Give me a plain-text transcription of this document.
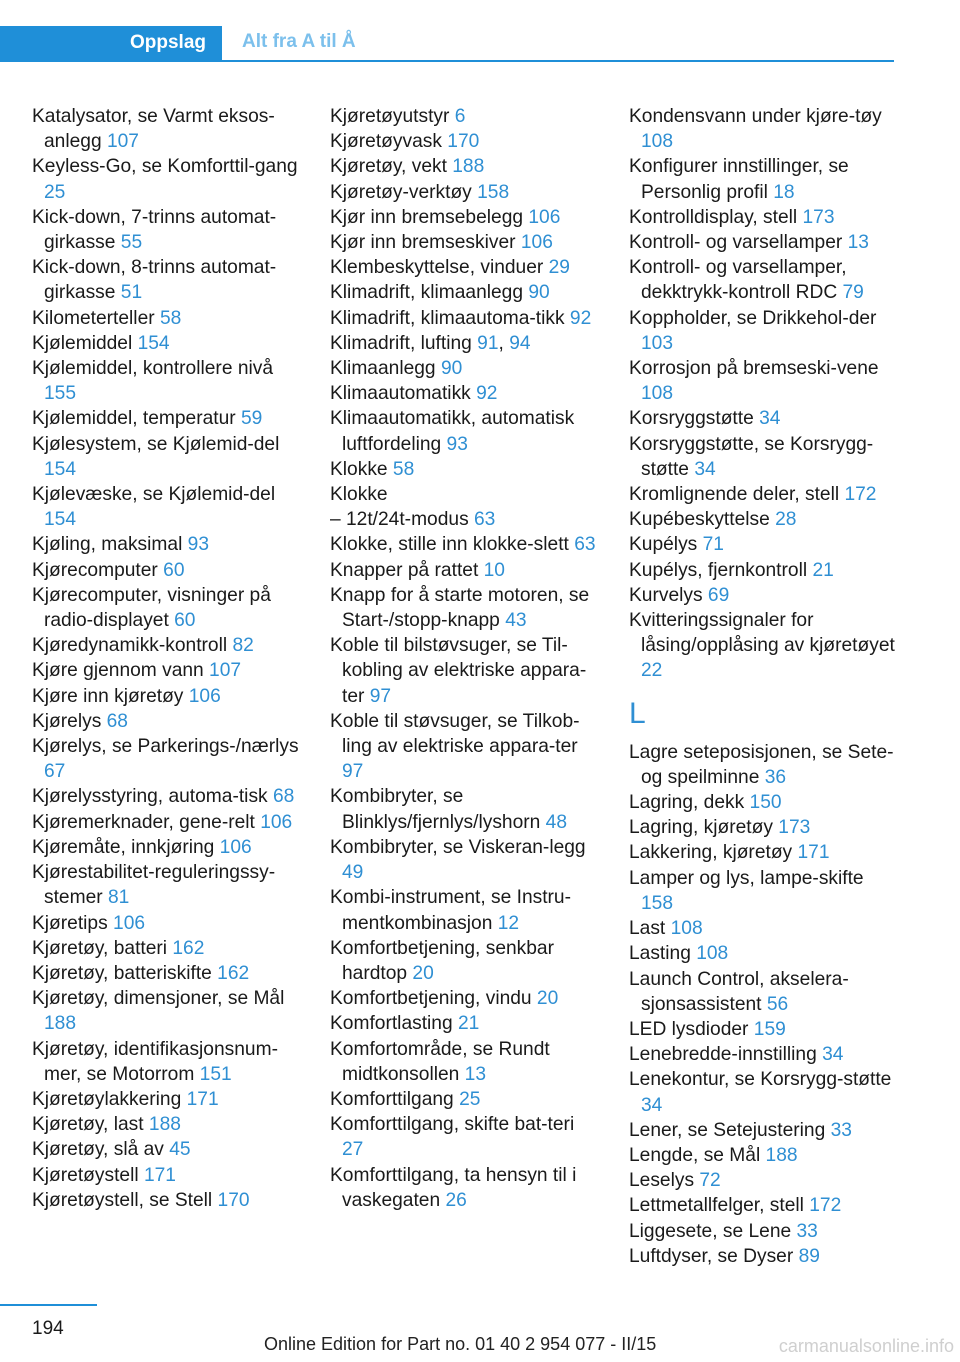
Oppslag Alt fra A til Å
Katalysator, se Varmt eksos-anlegg 107
Keyless-Go, se Komforttil-gang 25
Kick-down, 7-trinns automat-girkasse 55
Kick-down, 8-trinns automat-girkasse 51
Kilometerteller 58
Kjølemiddel 154
Kjølemiddel, kontrollere nivå 155
Kjølemiddel, temperatur 59
Kjølesystem, se Kjølemid-del 154
Kjølevæske, se Kjølemid-del 154
Kjøling, maksimal 93
Kjørecomputer 60
Kjørecomputer, visninger på radio-displayet 60
Kjøredynamikk-kontroll 82
Kjøre gjennom vann 107
Kjøre inn kjøretøy 106
Kjørelys 68
Kjørelys, se Parkerings-/nærlys 67
Kjørelysstyring, automa-tisk 68
Kjøremerknader, gene-relt 106
Kjøremåte, innkjøring 106
Kjørestabilitet-reguleringssy-stemer 81
Kjøretips 106
Kjøretøy, batteri 162
Kjøretøy, batteriskifte 162
Kjøretøy, dimensjoner, se Mål 188
Kjøretøy, identifikasjonsnum-mer, se Motorrom 151
Kjøretøylakkering 171
Kjøretøy, last 188
Kjøretøy, slå av 45
Kjøretøystell 171
Kjøretøystell, se Stell 170
Kjøretøyutstyr 6
Kjøretøyvask 170
Kjøretøy, vekt 188
Kjøretøy-verktøy 158
Kjør inn bremsebelegg 106
Kjør inn bremseskiver 106
Klembeskyttelse, vinduer 29
Klimadrift, klimaanlegg 90
Klimadrift, klimaautoma-tikk 92
Klimadrift, lufting 91, 94
Klimaanlegg 90
Klimaautomatikk 92
Klimaautomatikk, automatisk luftfordeling 93
Klokke 58
Klokke
– 12t/24t-modus 63
Klokke, stille inn klokke-slett 63
Knapper på rattet 10
Knapp for å starte motoren, se Start-/stopp-knapp 43
Koble til bilstøvsuger, se Til-kobling av elektriske appara-ter 97
Koble til støvsuger, se Tilkob-ling av elektriske appara-ter 97
Kombibryter, se Blinklys/fjernlys/lyshorn 48
Kombibryter, se Viskeran-legg 49
Kombi-instrument, se Instru-mentkombinasjon 12
Komfortbetjening, senkbar hardtop 20
Komfortbetjening, vindu 20
Komfortlasting 21
Komfortområde, se Rundt midtkonsollen 13
Komforttilgang 25
Komforttilgang, skifte bat-teri 27
Komforttilgang, ta hensyn til i vaskegaten 26
Kondensvann under kjøre-tøy 108
Konfigurer innstillinger, se Personlig profil 18
Kontrolldisplay, stell 173
Kontroll- og varsellamper 13
Kontroll- og varsellamper, dekktrykk-kontroll RDC 79
Koppholder, se Drikkehol-der 103
Korrosjon på bremseski-vene 108
Korsryggstøtte 34
Korsryggstøtte, se Korsrygg-støtte 34
Kromlignende deler, stell 172
Kupébeskyttelse 28
Kupélys 71
Kupélys, fjernkontroll 21
Kurvelys 69
Kvitteringssignaler for låsing/opplåsing av kjøretøyet 22
L
Lagre seteposisjonen, se Sete- og speilminne 36
Lagring, dekk 150
Lagring, kjøretøy 173
Lakkering, kjøretøy 171
Lamper og lys, lampe-skifte 158
Last 108
Lasting 108
Launch Control, akselera-sjonsassistent 56
LED lysdioder 159
Lenebredde-innstilling 34
Lenekontur, se Korsrygg-støtte 34
Lener, se Setejustering 33
Lengde, se Mål 188
Leselys 72
Lettmetallfelger, stell 172
Liggesete, se Lene 33
Luftdyser, se Dyser 89
194
Online Edition for Part no. 01 40 2 954 077 - II/15	carmanualsonline.info
